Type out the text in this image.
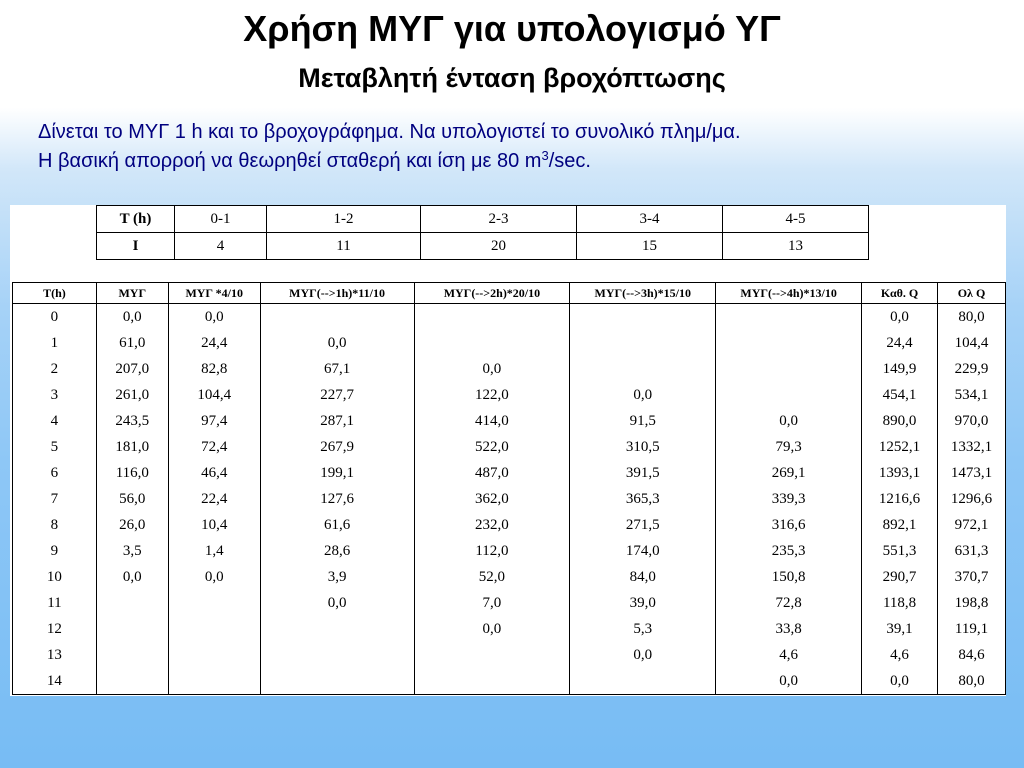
Χρήση ΜΥΓ για υπολογισμό ΥΓ
Μεταβλητή ένταση βροχόπτωσης
Δίνεται το ΜΥΓ 1 h και το βροχογράφημα. Να υπολογιστεί το συνολικό πλημ/μα.
Η βασική απορροή να θεωρηθεί σταθερή και ίση με 80 $m^3/\sec$.
T (h)	0-1	1-2	2-3	3-4	4-5
I	4	11	20	15	13
T(h)	ΜΥΓ	ΜΥΓ *4/10	ΜΥΓ(-->1h)*11/10	ΜΥΓ(-->2h)*20/10	ΜΥΓ(-->3h)*15/10	ΜΥΓ(-->4h)*13/10	Καθ. Q	Ολ Q
0	0,0	0,0					0,0	80,0
1	61,0	24,4	0,0				24,4	104,4
2	207,0	82,8	67,1	0,0			149,9	229,9
3	261,0	104,4	227,7	122,0	0,0		454,1	534,1
4	243,5	97,4	287,1	414,0	91,5	0,0	890,0	970,0
5	181,0	72,4	267,9	522,0	310,5	79,3	1252,1	1332,1
6	116,0	46,4	199,1	487,0	391,5	269,1	1393,1	1473,1
7	56,0	22,4	127,6	362,0	365,3	339,3	1216,6	1296,6
8	26,0	10,4	61,6	232,0	271,5	316,6	892,1	972,1
9	3,5	1,4	28,6	112,0	174,0	235,3	551,3	631,3
10	0,0	0,0	3,9	52,0	84,0	150,8	290,7	370,7
11			0,0	7,0	39,0	72,8	118,8	198,8
12				0,0	5,3	33,8	39,1	119,1
13					0,0	4,6	4,6	84,6
14						0,0	0,0	80,0
